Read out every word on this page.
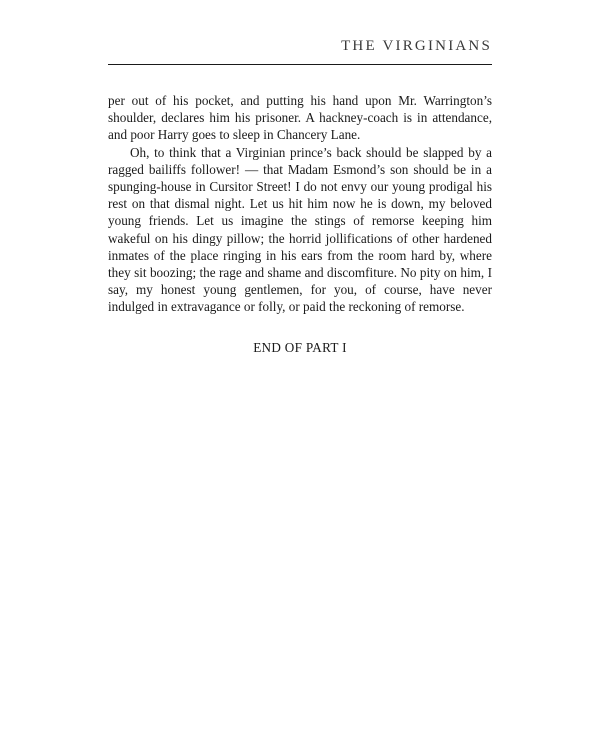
THE VIRGINIANS

per out of his pocket, and putting his hand upon Mr. Warrington’s shoulder, declares him his prisoner. A hackney-coach is in attendance, and poor Harry goes to sleep in Chancery Lane.

Oh, to think that a Virginian prince’s back should be slapped by a ragged bailiffs follower! — that Madam Esmond’s son should be in a spunging-house in Cursitor Street! I do not envy our young prodigal his rest on that dismal night. Let us hit him now he is down, my beloved young friends. Let us imagine the stings of remorse keeping him wakeful on his dingy pillow; the horrid jollifications of other hardened inmates of the place ringing in his ears from the room hard by, where they sit boozing; the rage and shame and discomfiture. No pity on him, I say, my honest young gentlemen, for you, of course, have never indulged in extravagance or folly, or paid the reckoning of remorse.

END OF PART I
